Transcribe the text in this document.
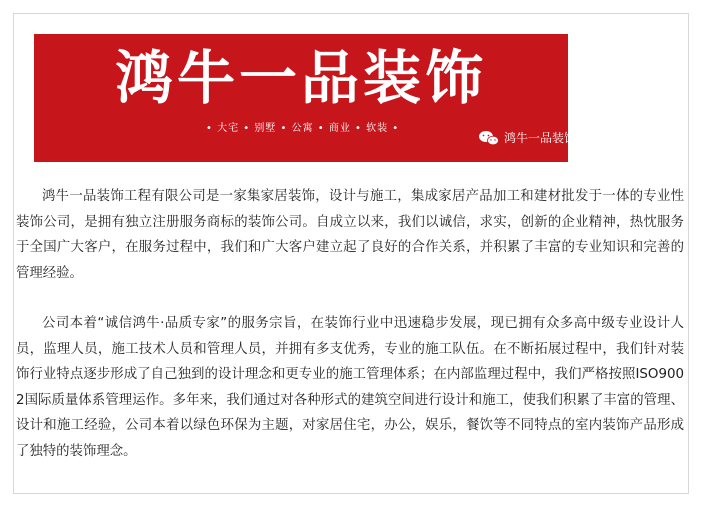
鸿牛一品装饰
• 大宅 • 别墅 • 公寓 • 商业 • 软装 •
鸿牛一品装饰

鸿牛一品装饰工程有限公司是一家集家居装饰，设计与施工，集成家居产品加工和建材批发于一体的专业性装饰公司，是拥有独立注册服务商标的装饰公司。自成立以来，我们以诚信，求实，创新的企业精神，热忱服务于全国广大客户，在服务过程中，我们和广大客户建立起了良好的合作关系，并积累了丰富的专业知识和完善的管理经验。

公司本着“诚信鸿牛·品质专家”的服务宗旨，在装饰行业中迅速稳步发展，现已拥有众多高中级专业设计人员，监理人员，施工技术人员和管理人员，并拥有多支优秀，专业的施工队伍。在不断拓展过程中，我们针对装饰行业特点逐步形成了自己独到的设计理念和更专业的施工管理体系；在内部监理过程中，我们严格按照ISO9002国际质量体系管理运作。多年来，我们通过对各种形式的建筑空间进行设计和施工，使我们积累了丰富的管理、设计和施工经验，公司本着以绿色环保为主题，对家居住宅，办公，娱乐，餐饮等不同特点的室内装饰产品形成了独特的装饰理念。
